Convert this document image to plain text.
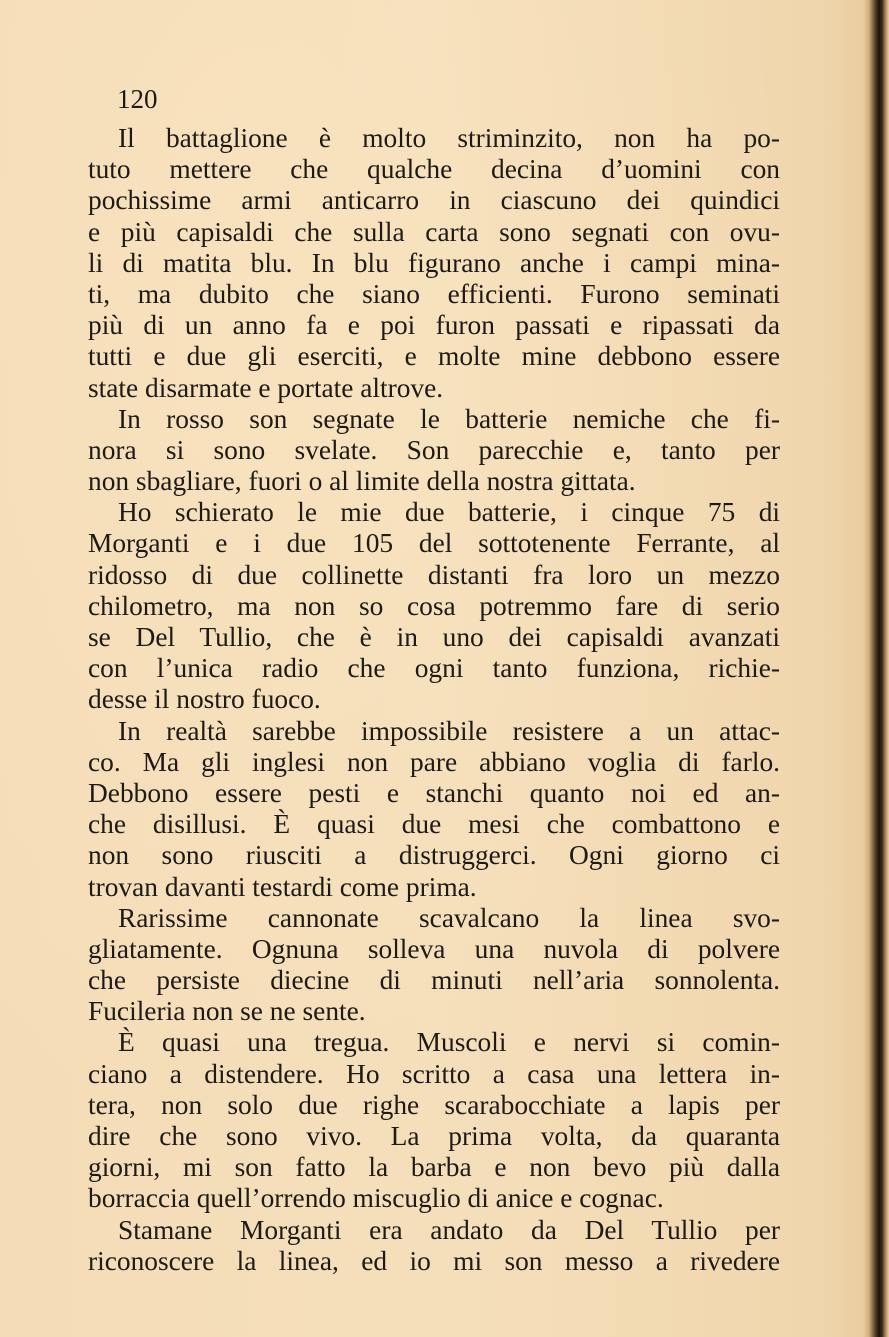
120
Il battaglione è molto striminzito, non ha po-
tuto mettere che qualche decina d’uomini con
pochissime armi anticarro in ciascuno dei quindici
e più capisaldi che sulla carta sono segnati con ovu-
li di matita blu. In blu figurano anche i campi mina-
ti, ma dubito che siano efficienti. Furono seminati
più di un anno fa e poi furon passati e ripassati da
tutti e due gli eserciti, e molte mine debbono essere
state disarmate e portate altrove.
In rosso son segnate le batterie nemiche che fi-
nora si sono svelate. Son parecchie e, tanto per
non sbagliare, fuori o al limite della nostra gittata.
Ho schierato le mie due batterie, i cinque 75 di
Morganti e i due 105 del sottotenente Ferrante, al
ridosso di due collinette distanti fra loro un mezzo
chilometro, ma non so cosa potremmo fare di serio
se Del Tullio, che è in uno dei capisaldi avanzati
con l’unica radio che ogni tanto funziona, richie-
desse il nostro fuoco.
In realtà sarebbe impossibile resistere a un attac-
co. Ma gli inglesi non pare abbiano voglia di farlo.
Debbono essere pesti e stanchi quanto noi ed an-
che disillusi. È quasi due mesi che combattono e
non sono riusciti a distruggerci. Ogni giorno ci
trovan davanti testardi come prima.
Rarissime cannonate scavalcano la linea svo-
gliatamente. Ognuna solleva una nuvola di polvere
che persiste diecine di minuti nell’aria sonnolenta.
Fucileria non se ne sente.
È quasi una tregua. Muscoli e nervi si comin-
ciano a distendere. Ho scritto a casa una lettera in-
tera, non solo due righe scarabocchiate a lapis per
dire che sono vivo. La prima volta, da quaranta
giorni, mi son fatto la barba e non bevo più dalla
borraccia quell’orrendo miscuglio di anice e cognac.
Stamane Morganti era andato da Del Tullio per
riconoscere la linea, ed io mi son messo a rivedere
